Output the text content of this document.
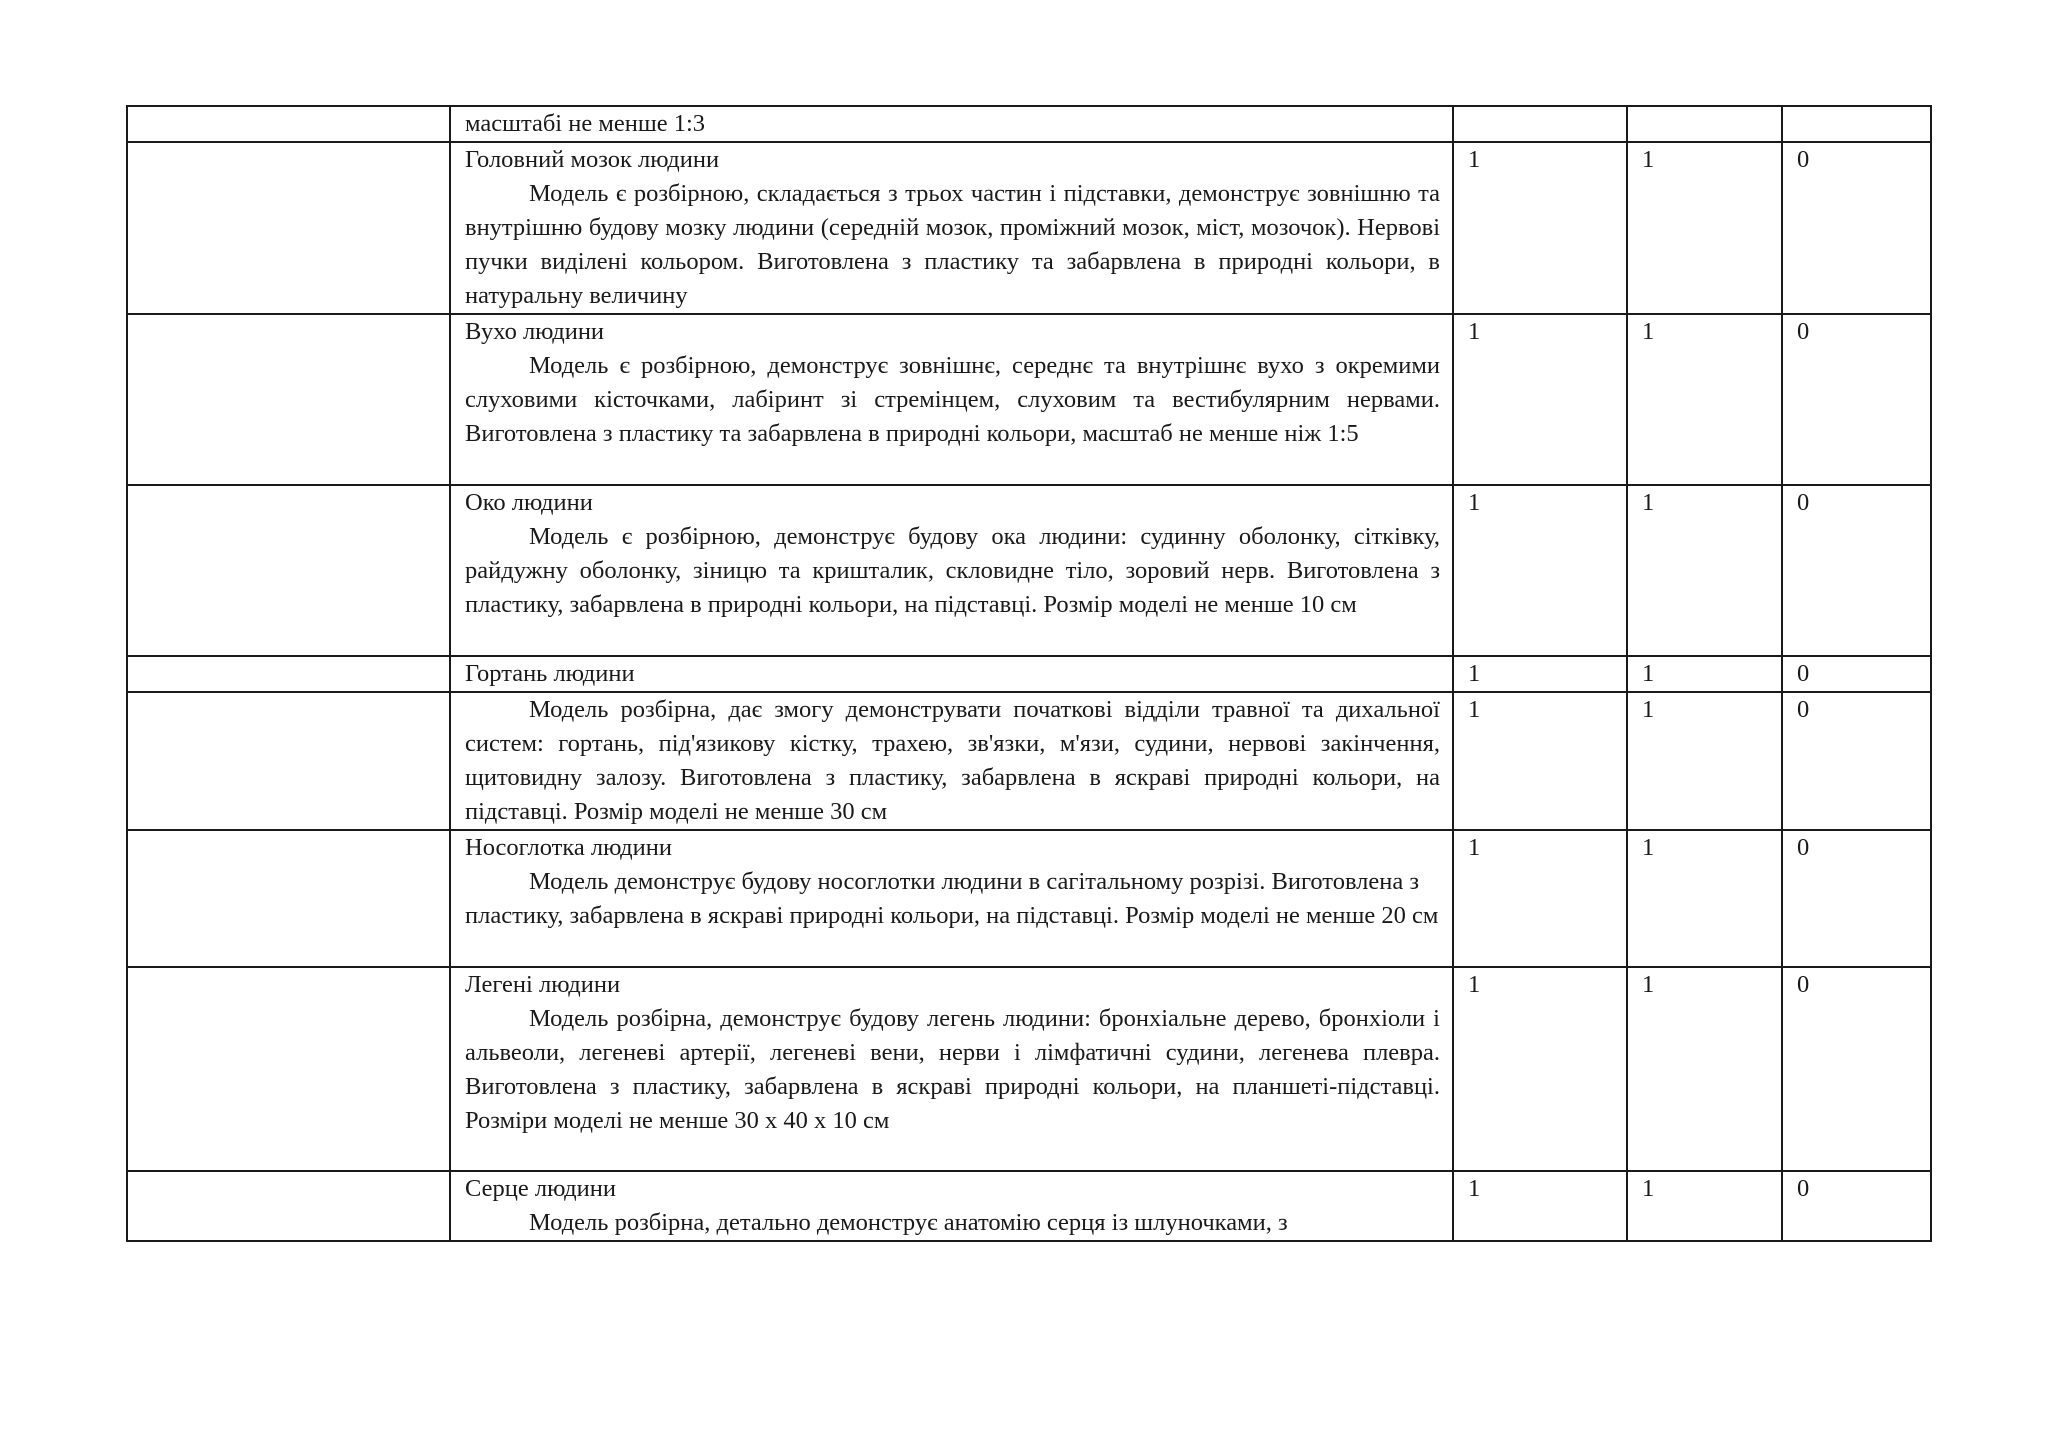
	масштабі не менше 1:3			

	Головний мозок людини
Модель є розбірною, складається з трьох частин і підставки, демонструє зовнішню та внутрішню будову мозку людини (середній мозок, проміжний мозок, міст, мозочок). Нервові пучки виділені кольором. Виготовлена з пластику та забарвлена в природні кольори, в натуральну величину	1	1	0

	Вухо людини
Модель є розбірною, демонструє зовнішнє, середнє та внутрішнє вухо з окремими слуховими кісточками, лабіринт зі стремінцем, слуховим та вестибулярним нервами. Виготовлена з пластику та забарвлена в природні кольори, масштаб не менше ніж 1:5	1	1	0

	Око людини
Модель є розбірною, демонструє будову ока людини: судинну оболонку, сітківку, райдужну оболонку, зіницю та кришталик, скловидне тіло, зоровий нерв. Виготовлена з пластику, забарвлена в природні кольори, на підставці. Розмір моделі не менше 10 см	1	1	0

	Гортань людини	1	1	0

	Модель розбірна, дає змогу демонструвати початкові відділи травної та дихальної систем: гортань, під'язикову кістку, трахею, зв'язки, м'язи, судини, нервові закінчення, щитовидну залозу. Виготовлена з пластику, забарвлена в яскраві природні кольори, на підставці. Розмір моделі не менше 30 см	1	1	0

	Носоглотка людини
Модель демонструє будову носоглотки людини в сагітальному розрізі. Виготовлена з пластику, забарвлена в яскраві природні кольори, на підставці. Розмір моделі не менше 20 см	1	1	0

	Легені людини
Модель розбірна, демонструє будову легень людини: бронхіальне дерево, бронхіоли і альвеоли, легеневі артерії, легеневі вени, нерви і лімфатичні судини, легенева плевра. Виготовлена з пластику, забарвлена в яскраві природні кольори, на планшеті-підставці. Розміри моделі не менше 30 х 40 х 10 см	1	1	0

	Серце людини
Модель розбірна, детально демонструє анатомію серця із шлуночками, з	1	1	0
